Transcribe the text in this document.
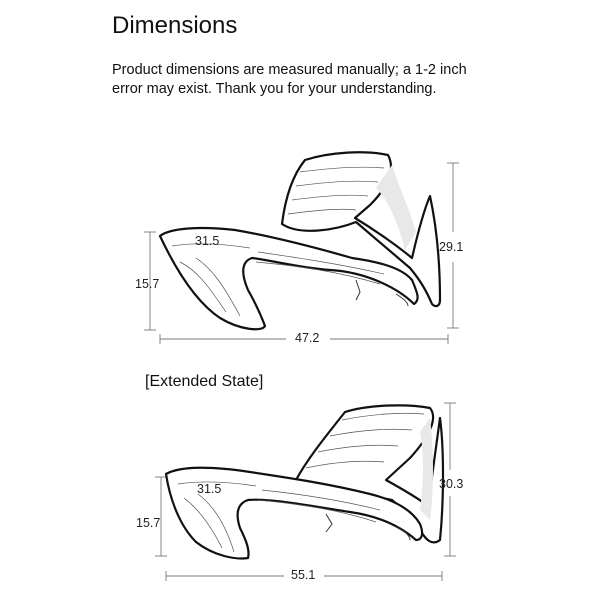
Dimensions
Product dimensions are measured manually; a 1-2 inch error may exist. Thank you for your understanding.
31.5
15.7
29.1
47.2
[Extended State]
31.5
15.7
30.3
55.1
